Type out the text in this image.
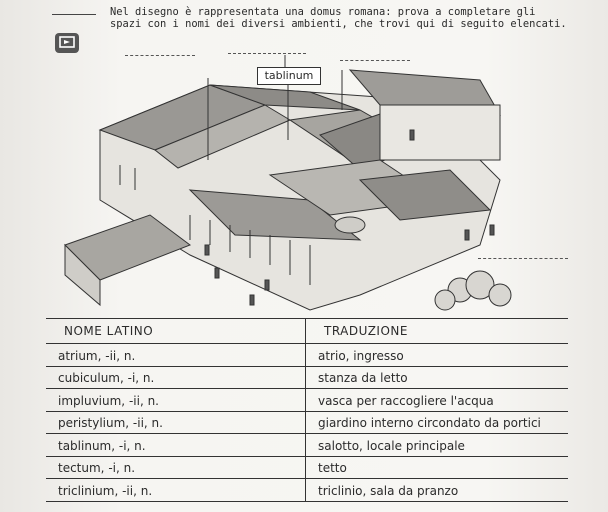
Nel disegno è rappresentata una domus romana: prova a completare gli
spazi con i nomi dei diversi ambienti, che trovi qui di seguito elencati.
tablinum
NOME LATINO	TRADUZIONE
atrium, -ii, n.	atrio, ingresso
cubiculum, -i, n.	stanza da letto
impluvium, -ii, n.	vasca per raccogliere l'acqua
peristylium, -ii, n.	giardino interno circondato da portici
tablinum, -i, n.	salotto, locale principale
tectum, -i, n.	tetto
triclinium, -ii, n.	triclinio, sala da pranzo
